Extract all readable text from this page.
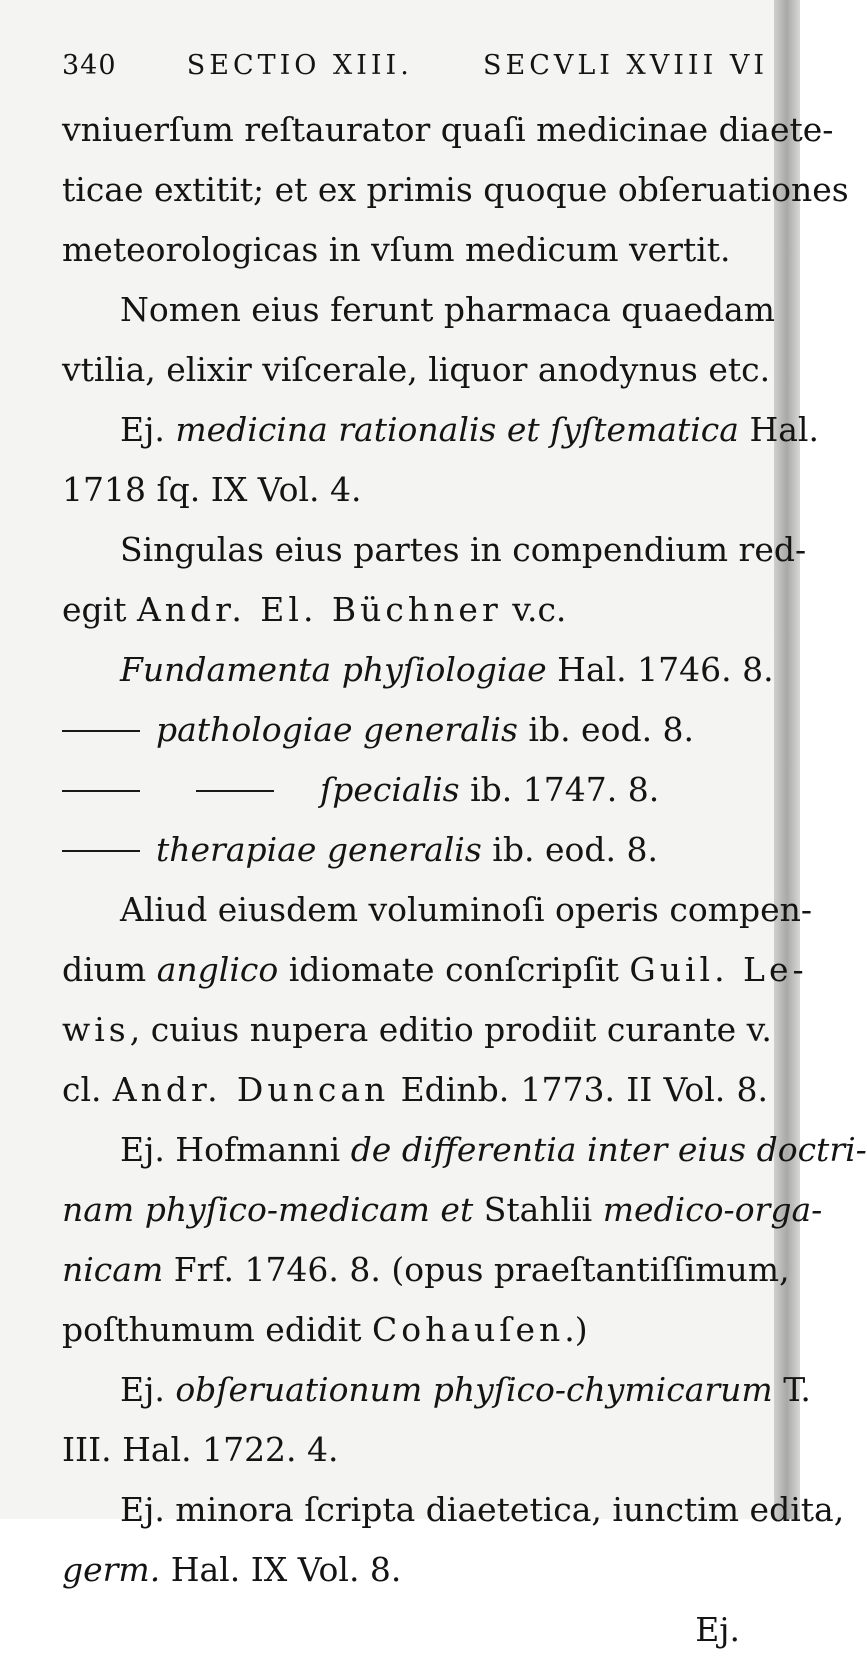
340	SECTIO XIII.	SECVLI XVIII VI
vniuerſum reſtaurator quaſi medicinae diaete-
ticae extitit; et ex primis quoque obſeruationes
meteorologicas in vſum medicum vertit.
Nomen eius ferunt pharmaca quaedam
vtilia, elixir viſcerale, liquor anodynus etc.
Ej. medicina rationalis et ſyſtematica Hal.
1718 ſq. IX Vol. 4.
Singulas eius partes in compendium red-
egit Andr. El. Büchner v.c.
Fundamenta phyſiologiae Hal. 1746. 8.
pathologiae generalis ib. eod. 8.
ſpecialis ib. 1747. 8.
therapiae generalis ib. eod. 8.
Aliud eiusdem voluminoſi operis compen-
dium anglico idiomate conſcripſit Guil. Le-
wis, cuius nupera editio prodiit curante v.
cl. Andr. Duncan Edinb. 1773. II Vol. 8.
Ej. Hofmanni de differentia inter eius doctri-
nam phyſico-medicam et Stahlii medico-orga-
nicam Frf. 1746. 8. (opus praeſtantiſſimum,
poſthumum edidit Cohauſen.)
Ej. obſeruationum phyſico-chymicarum T.
III. Hal. 1722. 4.
Ej. minora ſcripta diaetetica, iunctim edita,
germ. Hal. IX Vol. 8.
Ej.
